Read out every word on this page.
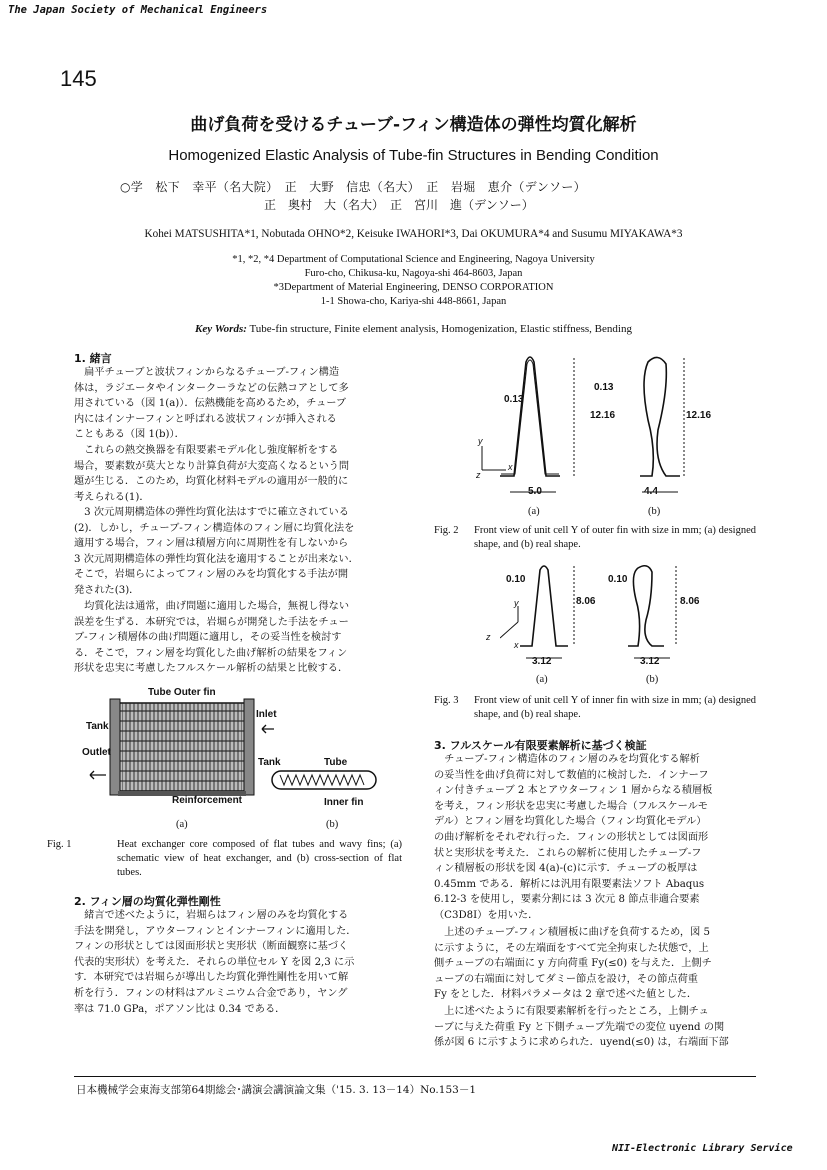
The Japan Society of Mechanical Engineers
145
曲げ負荷を受けるチューブ-フィン構造体の弾性均質化解析
Homogenized Elastic Analysis of Tube-fin Structures in Bending Condition
○学　松下　幸平（名大院）　正　大野　信忠（名大）　正　岩堀　恵介（デンソー）
正　奥村　大（名大）　正　宮川　進（デンソー）
Kohei MATSUSHITA*1, Nobutada OHNO*2, Keisuke IWAHORI*3, Dai OKUMURA*4 and Susumu MIYAKAWA*3
*1, *2, *4 Department of Computational Science and Engineering, Nagoya University
Furo-cho, Chikusa-ku, Nagoya-shi 464-8603, Japan
*3Department of Material Engineering, DENSO CORPORATION
1-1 Showa-cho, Kariya-shi 448-8661, Japan
Key Words: Tube-fin structure, Finite element analysis, Homogenization, Elastic stiffness, Bending
1. 緒言
　扁平チューブと波状フィンからなるチューブ-フィン構造
体は，ラジエータやインタークーラなどの伝熱コアとして多
用されている（図 1(a)）．伝熱機能を高めるため，チューブ
内にはインナーフィンと呼ばれる波状フィンが挿入される
こともある（図 1(b)）．
　これらの熱交換器を有限要素モデル化し強度解析をする
場合，要素数が莫大となり計算負荷が大変高くなるという問
題が生じる．このため，均質化材料モデルの適用が一般的に
考えられる(1)．
　3 次元周期構造体の弾性均質化法はすでに確立されている
(2)．しかし，チューブ-フィン構造体のフィン層に均質化法を
適用する場合，フィン層は積層方向に周期性を有しないから
3 次元周期構造体の弾性均質化法を適用することが出来ない．
そこで，岩堀らによってフィン層のみを均質化する手法が開
発された(3)．
　均質化法は通常，曲げ問題に適用した場合，無視し得ない
誤差を生ずる．本研究では，岩堀らが開発した手法をチュー
ブ-フィン積層体の曲げ問題に適用し，その妥当性を検討す
る．そこで，フィン層を均質化した曲げ解析の結果をフィン
形状を忠実に考慮したフルスケール解析の結果と比較する．
Tube Outer fin
Tank
Inlet
Outlet
Tank	Tube
Reinforcement	Inner fin
(a)	(b)
Fig. 1	Heat exchanger core composed of flat tubes and wavy fins; (a) schematic view of heat exchanger, and (b) cross-section of flat tubes.
2. フィン層の均質化弾性剛性
　緒言で述べたように，岩堀らはフィン層のみを均質化する
手法を開発し，アウターフィンとインナーフィンに適用した．
フィンの形状としては図面形状と実形状（断面観察に基づく
代表的実形状）を考えた．それらの単位セル Y を図 2,3 に示
す．本研究では岩堀らが導出した均質化弾性剛性を用いて解
析を行う．フィンの材料はアルミニウム合金であり，ヤング
率は 71.0 GPa，ポアソン比は 0.34 である．
0.13
0.13
12.16	12.16
5.0	4.4
y
x
z
(a)	(b)
Fig. 2 Front view of unit cell Y of outer fin with size in mm; (a) designed shape, and (b) real shape.
0.10	0.10
8.06	8.06
3.12	3.12
y
x
z
(a)	(b)
Fig. 3 Front view of unit cell Y of inner fin with size in mm; (a) designed shape, and (b) real shape.
3. フルスケール有限要素解析に基づく検証
　チューブ-フィン構造体のフィン層のみを均質化する解析
の妥当性を曲げ負荷に対して数値的に検討した．インナーフ
ィン付きチューブ 2 本とアウターフィン 1 層からなる積層板
を考え，フィン形状を忠実に考慮した場合（フルスケールモ
デル）とフィン層を均質化した場合（フィン均質化モデル）
の曲げ解析をそれぞれ行った．フィンの形状としては図面形
状と実形状を考えた．これらの解析に使用したチューブ-フ
ィン積層板の形状を図 4(a)-(c)に示す．チューブの板厚は
0.45mm である．解析には汎用有限要素法ソフト Abaqus
6.12-3 を使用し，要素分割には 3 次元 8 節点非適合要素
（C3D8I）を用いた．
　上述のチューブ-フィン積層板に曲げを負荷するため，図 5
に示すように，その左端面をすべて完全拘束した状態で，上
側チューブの右端面に y 方向荷重 Fy(≤0) を与えた．上側チ
ューブの右端面に対してダミー節点を設け，その節点荷重
Fy をとした．材料パラメータは 2 章で述べた値とした．
　上に述べたように有限要素解析を行ったところ，上側チュ
ーブに与えた荷重 Fy と下側チューブ先端での変位 uyend の関
係が図 6 に示すように求められた．uyend(≤0) は，右端面下部
日本機械学会東海支部第64期総会･講演会講演論文集（'15. 3. 13－14）No.153－1
NII-Electronic Library Service
